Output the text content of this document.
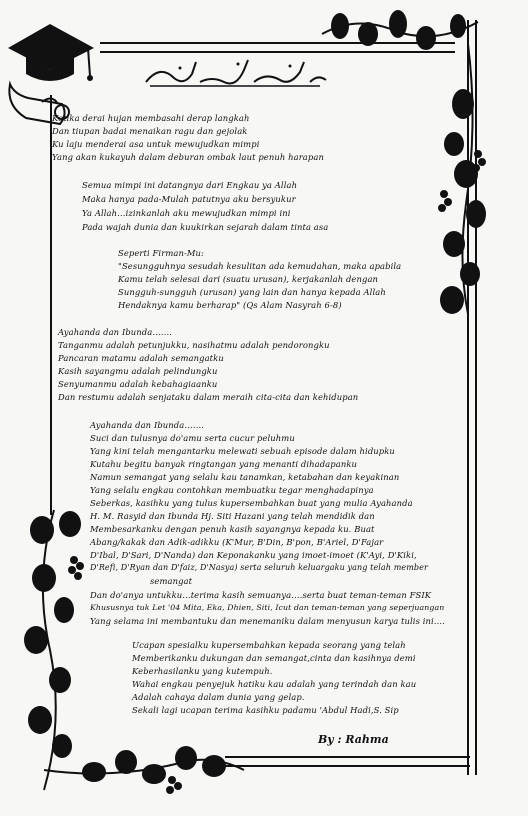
Ketika derai hujan membasahi derap langkah
Dan tiupan badai menaikan ragu dan gejolak
Ku laju menderai asa untuk mewujudkan mimpi
Yang akan kukayuh dalam deburan ombak laut penuh harapan
Semua mimpi ini datangnya dari Engkau ya Allah
Maka hanya pada-Mulah patutnya aku bersyukur
Ya Allah…izinkanlah aku mewujudkan mimpi ini
Pada wajah dunia dan kuukirkan sejarah dalam tinta asa
Seperti Firman-Mu:
"Sesungguhnya sesudah kesulitan ada kemudahan, maka apabila
Kamu telah selesai dari (suatu urusan), kerjakanlah dengan
Sungguh-sungguh (urusan) yang lain dan hanya kepada Allah
Hendaknya kamu berharap" (Qs Alam Nasyrah 6-8)
Ayahanda dan Ibunda…….
Tanganmu adalah petunjukku, nasihatmu adalah pendorongku
Pancaran matamu adalah semangatku
Kasih sayangmu adalah pelindungku
Senyumanmu adalah kebahagiaanku
Dan restumu adalah senjataku dalam meraih cita-cita dan kehidupan
Ayahanda dan Ibunda…….
Suci dan tulusnya do'amu serta cucur peluhmu
Yang kini telah mengantarku melewati sebuah episode dalam hidupku
Kutahu begitu banyak ringtangan yang menanti dihadapanku
Namun semangat yang selalu kau tanamkan, ketabahan dan keyakinan
Yang selalu engkau contohkan membuatku tegar menghadapinya
Seberkas, kasihku yang tulus kupersembahkan buat yang mulia Ayahanda
H. M. Rasyid dan Ibunda Hj. Siti Hazani yang telah mendidik dan
Membesarkanku dengan penuh kasih sayangnya kepada ku. Buat
Abang/kakak dan Adik-adikku (K'Mur, B'Din, B'pon, B'Ariel, D'Fajar
D'Ibal, D'Sari, D'Nanda) dan Keponakanku yang imoet-imoet (K'Ayi, D'Kiki,
D'Refi, D'Ryan dan D'faiz, D'Nasya) serta seluruh keluargaku yang telah member
semangat
Dan do'anya untukku…terima kasih semuanya….serta buat teman-teman FSIK
Khususnya tuk Let '04 Mita, Eka, Dhien, Siti, Icut dan teman-teman yang seperjuangan
Yang selama ini membantuku dan menemaniku dalam menyusun karya tulis ini….
Ucapan spesialku kupersembahkan kepada seorang yang telah
Memberikanku dukungan dan semangat,cinta dan kasihnya demi
Keberhasilanku yang kutempuh.
Wahai engkau penyejuk hatiku kau adalah yang terindah dan kau
Adalah cahaya dalam dunia yang gelap.
Sekali lagi ucapan terima kasihku padamu 'Abdul Hadi,S. Sip
By : Rahma
